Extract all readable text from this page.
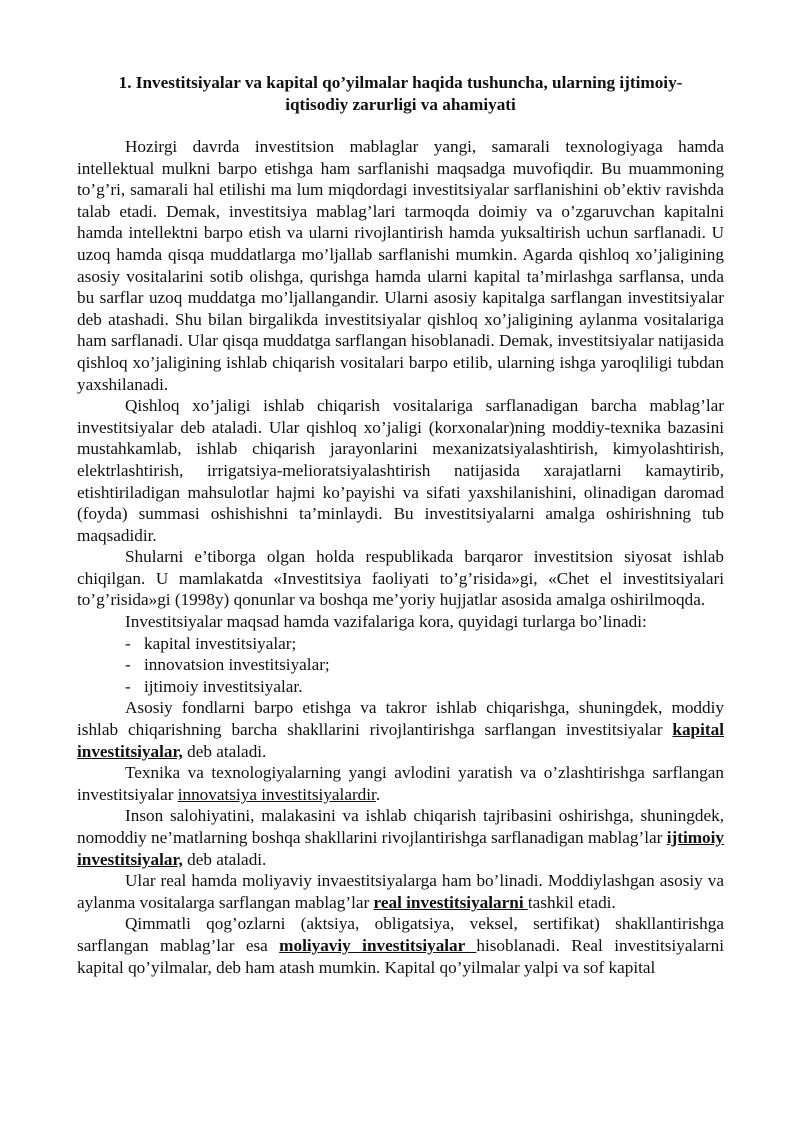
1. Investitsiyalar va kapital qo’yilmalar haqida tushuncha, ularning ijtimoiy-
iqtisodiy zarurligi va ahamiyati

Hozirgi davrda investitsion mablaglar yangi, samarali texnologiyaga hamda intellektual mulkni barpo etishga ham sarflanishi maqsadga muvofiqdir. Bu muammoning to’g’ri, samarali hal etilishi ma lum miqdordagi investitsiyalar sarflanishini ob’ektiv ravishda talab etadi. Demak, investitsiya mablag’lari tarmoqda doimiy va o’zgaruvchan kapitalni hamda intellektni barpo etish va ularni rivojlantirish hamda yuksaltirish uchun sarflanadi. U uzoq hamda qisqa muddatlarga mo’ljallab sarflanishi mumkin. Agarda qishloq xo’jaligining asosiy vositalarini sotib olishga, qurishga hamda ularni kapital ta’mirlashga sarflansa, unda bu sarflar uzoq muddatga mo’ljallangandir. Ularni asosiy kapitalga sarflangan investitsiyalar deb atashadi. Shu bilan birgalikda investitsiyalar qishloq xo’jaligining aylanma vositalariga ham sarflanadi. Ular qisqa muddatga sarflangan hisoblanadi. Demak, investitsiyalar natijasida qishloq xo’jaligining ishlab chiqarish vositalari barpo etilib, ularning ishga yaroqliligi tubdan yaxshilanadi.

Qishloq xo’jaligi ishlab chiqarish vositalariga sarflanadigan barcha mablag’lar investitsiyalar deb ataladi. Ular qishloq xo’jaligi (korxonalar)ning moddiy-texnika bazasini mustahkamlab, ishlab chiqarish jarayonlarini mexanizatsiyalashtirish, kimyolashtirish, elektrlashtirish, irrigatsiya-melioratsiyalashtirish natijasida xarajatlarni kamaytirib, etishtiriladigan mahsulotlar hajmi ko’payishi va sifati yaxshilanishini, olinadigan daromad (foyda) summasi oshishishni ta’minlaydi. Bu investitsiyalarni amalga oshirishning tub maqsadidir.

Shularni e’tiborga olgan holda respublikada barqaror investitsion siyosat ishlab chiqilgan. U mamlakatda «Investitsiya faoliyati to’g’risida»gi, «Chet el investitsiyalari to’g’risida»gi (1998y) qonunlar va boshqa me’yoriy hujjatlar asosida amalga oshirilmoqda.

Investitsiyalar maqsad hamda vazifalariga kora, quyidagi turlarga bo’linadi:

- kapital investitsiyalar;
- innovatsion investitsiyalar;
- ijtimoiy investitsiyalar.

Asosiy fondlarni barpo etishga va takror ishlab chiqarishga, shuningdek, moddiy ishlab chiqarishning barcha shakllarini rivojlantirishga sarflangan investitsiyalar kapital investitsiyalar, deb ataladi.

Texnika va texnologiyalarning yangi avlodini yaratish va o’zlashtirishga sarflangan investitsiyalar innovatsiya investitsiyalardir.

Inson salohiyatini, malakasini va ishlab chiqarish tajribasini oshirishga, shuningdek, nomoddiy ne’matlarning boshqa shakllarini rivojlantirishga sarflanadigan mablag’lar ijtimoiy investitsiyalar, deb ataladi.

Ular real hamda moliyaviy invaestitsiyalarga ham bo’linadi. Moddiylashgan asosiy va aylanma vositalarga sarflangan mablag’lar real investitsiyalarni tashkil etadi.

Qimmatli qog’ozlarni (aktsiya, obligatsiya, veksel, sertifikat) shakllantirishga sarflangan mablag’lar esa moliyaviy investitsiyalar hisoblanadi. Real investitsiyalarni kapital qo’yilmalar, deb ham atash mumkin. Kapital qo’yilmalar yalpi va sof kapital
